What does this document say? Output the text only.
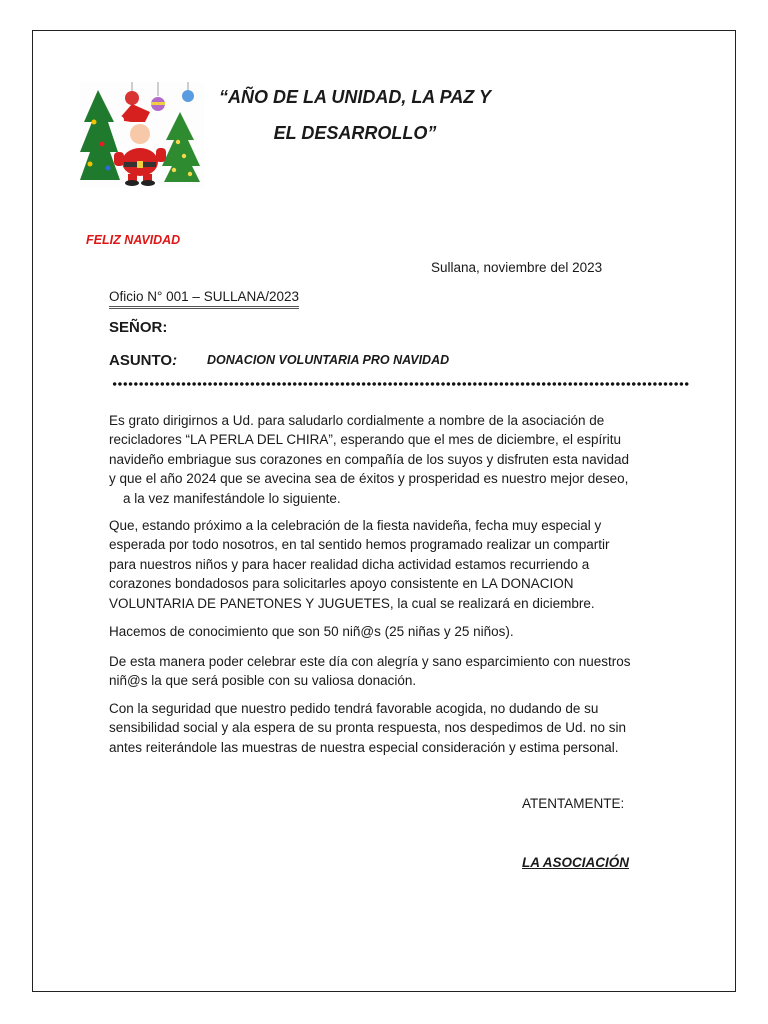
“AÑO DE LA UNIDAD, LA PAZ Y
EL DESARROLLO”
FELIZ NAVIDAD
Sullana, noviembre del 2023
Oficio N° 001 – SULLANA/2023
SEÑOR:
ASUNTO: DONACION VOLUNTARIA PRO NAVIDAD

Es grato dirigirnos a Ud. para saludarlo cordialmente a nombre de la asociación de
recicladores “LA PERLA DEL CHIRA”, esperando que el mes de diciembre, el espíritu
navideño embriague sus corazones en compañía de los suyos y disfruten esta navidad
y que el año 2024 que se avecina sea de éxitos y prosperidad es nuestro mejor deseo,
a la vez manifestándole lo siguiente.

Que, estando próximo a la celebración de la fiesta navideña, fecha muy especial y
esperada por todo nosotros, en tal sentido hemos programado realizar un compartir
para nuestros niños y para hacer realidad dicha actividad estamos recurriendo a
corazones bondadosos para solicitarles apoyo consistente en LA DONACION
VOLUNTARIA DE PANETONES Y JUGUETES, la cual se realizará en diciembre.

Hacemos de conocimiento que son 50 niñ@s (25 niñas y 25 niños).

De esta manera poder celebrar este día con alegría y sano esparcimiento con nuestros
niñ@s la que será posible con su valiosa donación.

Con la seguridad que nuestro pedido tendrá favorable acogida, no dudando de su
sensibilidad social y ala espera de su pronta respuesta, nos despedimos de Ud. no sin
antes reiterándole las muestras de nuestra especial consideración y estima personal.

ATENTAMENTE:
LA ASOCIACIÓN
